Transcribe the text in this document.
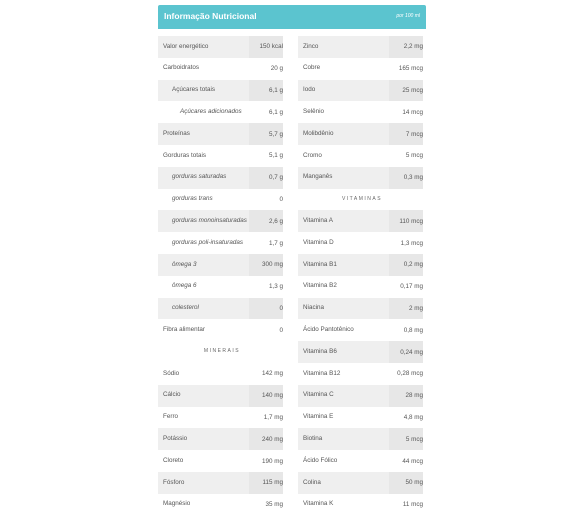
Informação Nutricional	por 100 ml
Valor energético	150 kcal
Carboidratos	20 g
Açúcares totais	6,1 g
Açúcares adicionados	6,1 g
Proteínas	5,7 g
Gorduras totais	5,1 g
gorduras saturadas	0,7 g
gorduras trans	0
gorduras monoinsaturadas	2,6 g
gorduras poli-insaturadas	1,7 g
ômega 3	300 mg
ômega 6	1,3 g
colesterol	0
Fibra alimentar	0
MINERAIS
Sódio	142 mg
Cálcio	140 mg
Ferro	1,7 mg
Potássio	240 mg
Cloreto	190 mg
Fósforo	115 mg
Magnésio	35 mg
Zinco	2,2 mg
Cobre	165 mcg
Iodo	25 mcg
Selênio	14 mcg
Molibdênio	7 mcg
Cromo	5 mcg
Manganês	0,3 mg
VITAMINAS
Vitamina A	110 mcg
Vitamina D	1,3 mcg
Vitamina B1	0,2 mg
Vitamina B2	0,17 mg
Niacina	2 mg
Ácido Pantotênico	0,8 mg
Vitamina B6	0,24 mg
Vitamina B12	0,28 mcg
Vitamina C	28 mg
Vitamina E	4,8 mg
Biotina	5 mcg
Ácido Fólico	44 mcg
Colina	50 mg
Vitamina K	11 mcg
